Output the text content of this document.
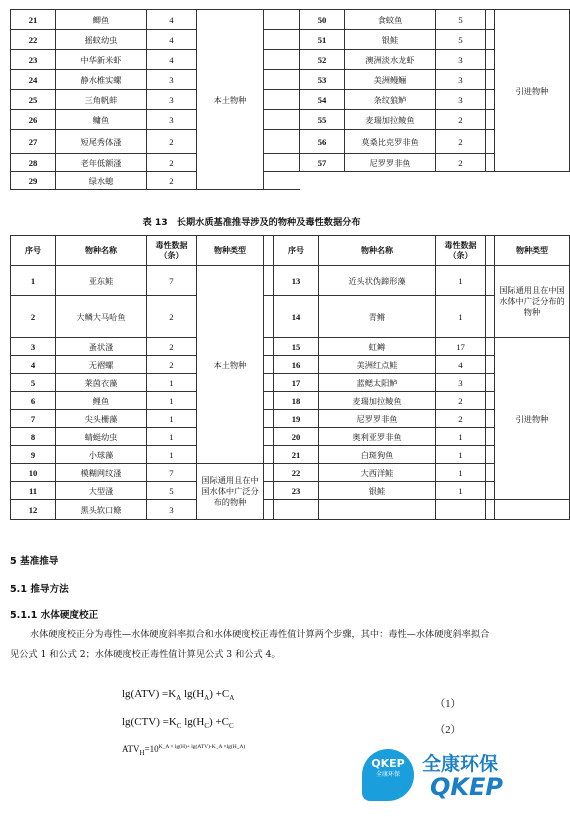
21	鲫鱼	4	本土物种		50	食蚊鱼	5		引进物种
22	摇蚊幼虫	4			51	银鲑	5		
23	中华新米虾	4			52	澳洲淡水龙虾	3		
24	静水椎实螺	3			53	美洲鳗鲡	3		
25	三角帆蚌	3			54	条纹狼鲈	3		
26	鳙鱼	3			55	麦瑞加拉鲮鱼	2		
27	短尾秀体溞	2			56	莫桑比克罗非鱼	2		
28	老年低额溞	2			57	尼罗罗非鱼	2		
29	绿水螅	2							
表 13　长期水质基准推导涉及的物种及毒性数据分布
序号	物种名称	毒性数据（条）	物种类型		序号	物种名称	毒性数据（条）		物种类型
1	亚东鲑	7	本土物种		13	近头状伪蹄形藻	1		国际通用且在中国水体中广泛分布的物种
2	大鳞大马哈鱼	2			14	青鳉	1		
3	蚤状溞	2			15	虹鳟	17		引进物种
4	无褶螺	2			16	美洲红点鲑	4		
5	莱茵衣藻	1			17	蓝鳃太阳鲈	3		
6	鲤鱼	1			18	麦瑞加拉鲮鱼	2		
7	尖头栅藻	1			19	尼罗罗非鱼	2		
8	蜻蜓幼虫	1			20	奥利亚罗非鱼	1		
9	小球藻	1			21	白斑狗鱼	1		
10	模糊网纹溞	7	国际通用且在中国水体中广泛分布的物种		22	大西洋鲑	1		
11	大型溞	5			23	银鲑	1		
12	黑头软口鲦	3							
5 基准推导
5.1 推导方法
5.1.1 水体硬度校正
水体硬度校正分为毒性—水体硬度斜率拟合和水体硬度校正毒性值计算两个步骤，其中：毒性—水体硬度斜率拟合见公式 1 和公式 2；水体硬度校正毒性值计算见公式 3 和公式 4。
$\lg(ATV) =K_A$ $\lg(H_A) +C_A$
（1）
$\lg(CTV) =K_C$ $\lg(H_C) +C_C$	（2）
$ATV_H=10^{K\_A \times lg(H)+ lg(ATV)-K\_A \times lg(H\_A)}$
QKEP
全康环保	全康环保
QKEP
